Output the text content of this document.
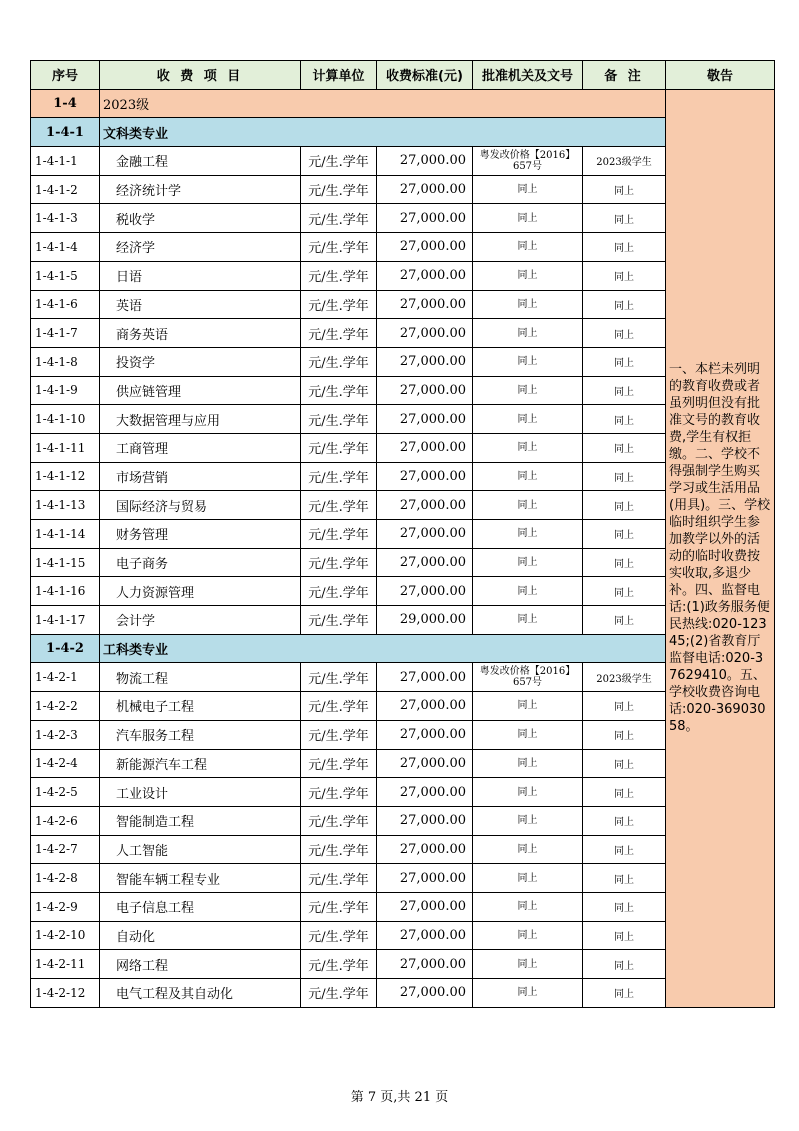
序号	收 费 项 目	计算单位	收费标准(元)	批准机关及文号	备 注	敬告
1-4	2023级					一、本栏未列明的教育收费或者虽列明但没有批准文号的教育收费,学生有权拒缴。二、学校不得强制学生购买学习或生活用品(用具)。三、学校临时组织学生参加教学以外的活动的临时收费按实收取,多退少补。四、监督电话:(1)政务服务便民热线:020-12345;(2)省教育厅监督电话:020-37629410。五、学校收费咨询电话:020-36903058。
1-4-1	文科类专业					
1-4-1-1	金融工程	元/生.学年	27,000.00	粤发改价格【2016】657号	2023级学生	
1-4-1-2	经济统计学	元/生.学年	27,000.00	同上	同上	
1-4-1-3	税收学	元/生.学年	27,000.00	同上	同上	
1-4-1-4	经济学	元/生.学年	27,000.00	同上	同上	
1-4-1-5	日语	元/生.学年	27,000.00	同上	同上	
1-4-1-6	英语	元/生.学年	27,000.00	同上	同上	
1-4-1-7	商务英语	元/生.学年	27,000.00	同上	同上	
1-4-1-8	投资学	元/生.学年	27,000.00	同上	同上	
1-4-1-9	供应链管理	元/生.学年	27,000.00	同上	同上	
1-4-1-10	大数据管理与应用	元/生.学年	27,000.00	同上	同上	
1-4-1-11	工商管理	元/生.学年	27,000.00	同上	同上	
1-4-1-12	市场营销	元/生.学年	27,000.00	同上	同上	
1-4-1-13	国际经济与贸易	元/生.学年	27,000.00	同上	同上	
1-4-1-14	财务管理	元/生.学年	27,000.00	同上	同上	
1-4-1-15	电子商务	元/生.学年	27,000.00	同上	同上	
1-4-1-16	人力资源管理	元/生.学年	27,000.00	同上	同上	
1-4-1-17	会计学	元/生.学年	29,000.00	同上	同上	
1-4-2	工科类专业					
1-4-2-1	物流工程	元/生.学年	27,000.00	粤发改价格【2016】657号	2023级学生	
1-4-2-2	机械电子工程	元/生.学年	27,000.00	同上	同上	
1-4-2-3	汽车服务工程	元/生.学年	27,000.00	同上	同上	
1-4-2-4	新能源汽车工程	元/生.学年	27,000.00	同上	同上	
1-4-2-5	工业设计	元/生.学年	27,000.00	同上	同上	
1-4-2-6	智能制造工程	元/生.学年	27,000.00	同上	同上	
1-4-2-7	人工智能	元/生.学年	27,000.00	同上	同上	
1-4-2-8	智能车辆工程专业	元/生.学年	27,000.00	同上	同上	
1-4-2-9	电子信息工程	元/生.学年	27,000.00	同上	同上	
1-4-2-10	自动化	元/生.学年	27,000.00	同上	同上	
1-4-2-11	网络工程	元/生.学年	27,000.00	同上	同上	
1-4-2-12	电气工程及其自动化	元/生.学年	27,000.00	同上	同上	
第 7 页,共 21 页
